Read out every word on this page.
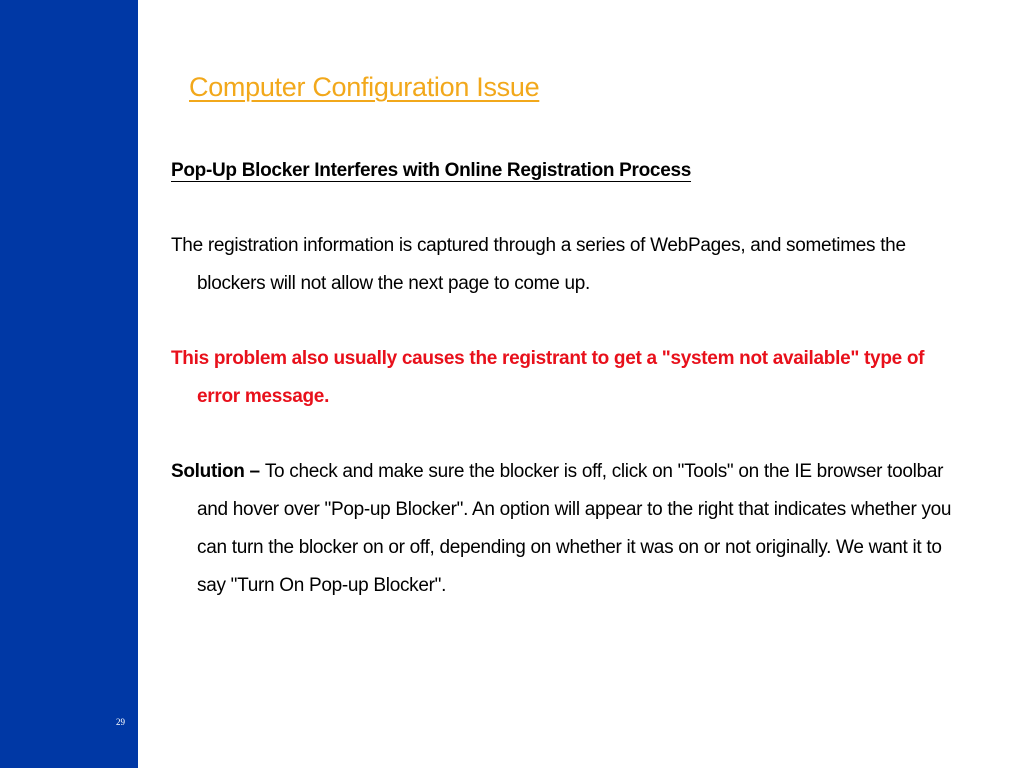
29
Computer Configuration Issue
Pop-Up Blocker Interferes with Online Registration Process
The registration information is captured through a series of WebPages, and sometimes the blockers will not allow the next page to come up.
This problem also usually causes the registrant to get a "system not available" type of error message.
Solution – To check and make sure the blocker is off, click on "Tools" on the IE browser toolbar and hover over "Pop-up Blocker". An option will appear to the right that indicates whether you can turn the blocker on or off, depending on whether it was on or not originally. We want it to say "Turn On Pop-up Blocker".
